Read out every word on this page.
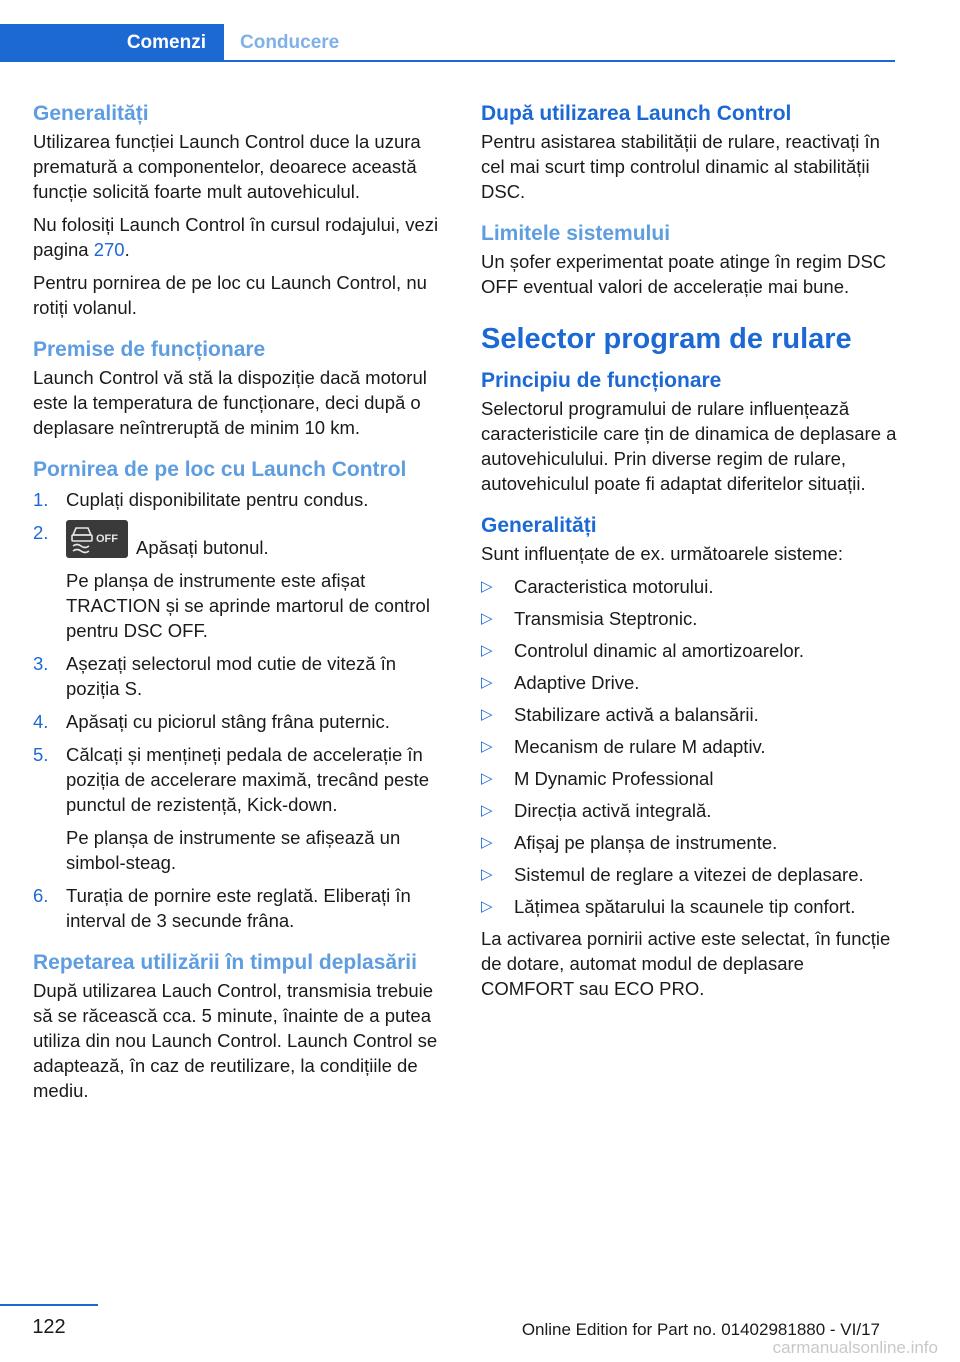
Comenzi	Conducere
Generalități

Utilizarea funcției Launch Control duce la uzura prematură a componentelor, deoarece această funcție solicită foarte mult autovehiculul.

Nu folosiți Launch Control în cursul rodajului, vezi pagina 270.

Pentru pornirea de pe loc cu Launch Control, nu rotiți volanul.

Premise de funcționare

Launch Control vă stă la dispoziție dacă motorul este la temperatura de funcționare, deci după o deplasare neîntreruptă de minim 10 km.

Pornirea de pe loc cu Launch Control
1. Cuplați disponibilitate pentru condus.
2.	OFF Apăsați butonul.

Pe planșa de instrumente este afișat TRACTION și se aprinde martorul de control pentru DSC OFF.

3. Așezați selectorul mod cutie de viteză în poziția S.
4. Apăsați cu piciorul stâng frâna puternic.
5. Călcați și mențineți pedala de accelerație în poziția de accelerare maximă, trecând peste punctul de rezistență, Kick-down.

Pe planșa de instrumente se afișează un simbol-steag.

6. Turația de pornire este reglată. Eliberați în interval de 3 secunde frâna.
Repetarea utilizării în timpul deplasării

După utilizarea Lauch Control, transmisia trebuie să se răcească cca. 5 minute, înainte de a putea utiliza din nou Launch Control. Launch Control se adaptează, în caz de reutilizare, la condițiile de mediu.

După utilizarea Launch Control

Pentru asistarea stabilității de rulare, reactivați în cel mai scurt timp controlul dinamic al stabilității DSC.

Limitele sistemului

Un șofer experimentat poate atinge în regim DSC OFF eventual valori de accelerație mai bune.

Selector program de rulare
Principiu de funcționare

Selectorul programului de rulare influențează caracteristicile care țin de dinamica de deplasare a autovehiculului. Prin diverse regim de rulare, autovehiculul poate fi adaptat diferitelor situații.

Generalități

Sunt influențate de ex. următoarele sisteme:

▷ Caracteristica motorului.
▷ Transmisia Steptronic.
▷ Controlul dinamic al amortizoarelor.
▷ Adaptive Drive.
▷ Stabilizare activă a balansării.
▷ Mecanism de rulare M adaptiv.
▷ M Dynamic Professional
▷ Direcția activă integrală.
▷ Afișaj pe planșa de instrumente.
▷ Sistemul de reglare a vitezei de deplasare.
▷ Lățimea spătarului la scaunele tip confort.

La activarea pornirii active este selectat, în funcție de dotare, automat modul de deplasare COMFORT sau ECO PRO.

122	Online Edition for Part no. 01402981880 - VI/17
carmanualsonline.info
